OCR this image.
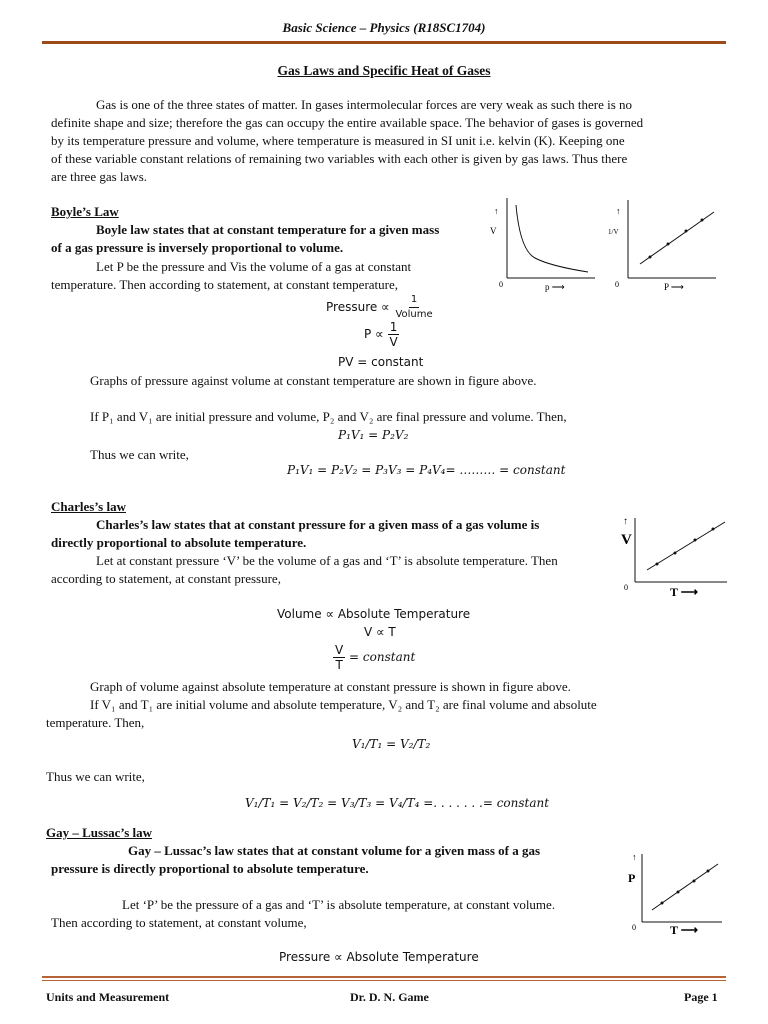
Basic Science – Physics (R18SC1704)
Gas Laws and Specific Heat of Gases
Gas is one of the three states of matter. In gases intermolecular forces are very weak as such there is no
definite shape and size; therefore the gas can occupy the entire available space. The behavior of gases is governed
by its temperature pressure and volume, where temperature is measured in SI unit i.e. kelvin (K). Keeping one
of these variable constant relations of remaining two variables with each other is given by gas laws. Thus there
are three gas laws.
Boyle’s Law
Boyle law states that at constant temperature for a given mass
of a gas pressure is inversely proportional to volume.
Let P be the pressure and Vis the volume of a gas at constant
temperature. Then according to statement, at constant temperature,
↑
V
0	p ⟶
↑
1/V
0	P ⟶
Pressure ∝ $\frac{1}{\text{Volume}}$
$P \propto \frac{1}{V}$
PV = constant
Graphs of pressure against volume at constant temperature are shown in figure above.
If P₁ and V₁ are initial pressure and volume, P₂ and V₂ are final pressure and volume. Then,
P₁V₁ = P₂V₂
Thus we can write,
P₁V₁ = P₂V₂ = P₃V₃ = P₄V₄= ……… = constant
Charles’s law
Charles’s law states that at constant pressure for a given mass of a gas volume is
directly proportional to absolute temperature.
Let at constant pressure ‘V’ be the volume of a gas and ‘T’ is absolute temperature. Then
according to statement, at constant pressure,
↑
V
0	T ⟶
Volume ∝ Absolute Temperature
V ∝ T
$\frac{V}{T}$ = constant
Graph of volume against absolute temperature at constant pressure is shown in figure above.
If V₁ and T₁ are initial volume and absolute temperature, V₂ and T₂ are final volume and absolute
temperature. Then,
V₁/T₁ = V₂/T₂
Thus we can write,
V₁/T₁ = V₂/T₂ = V₃/T₃ = V₄/T₄ =. . . . . . .= constant
Gay – Lussac’s law
Gay – Lussac’s law states that at constant volume for a given mass of a gas
pressure is directly proportional to absolute temperature.
Let ‘P’ be the pressure of a gas and ‘T’ is absolute temperature, at constant volume.
Then according to statement, at constant volume,
↑
P
0	T ⟶
Pressure ∝ Absolute Temperature
Units and Measurement	Dr. D. N. Game	Page 1
